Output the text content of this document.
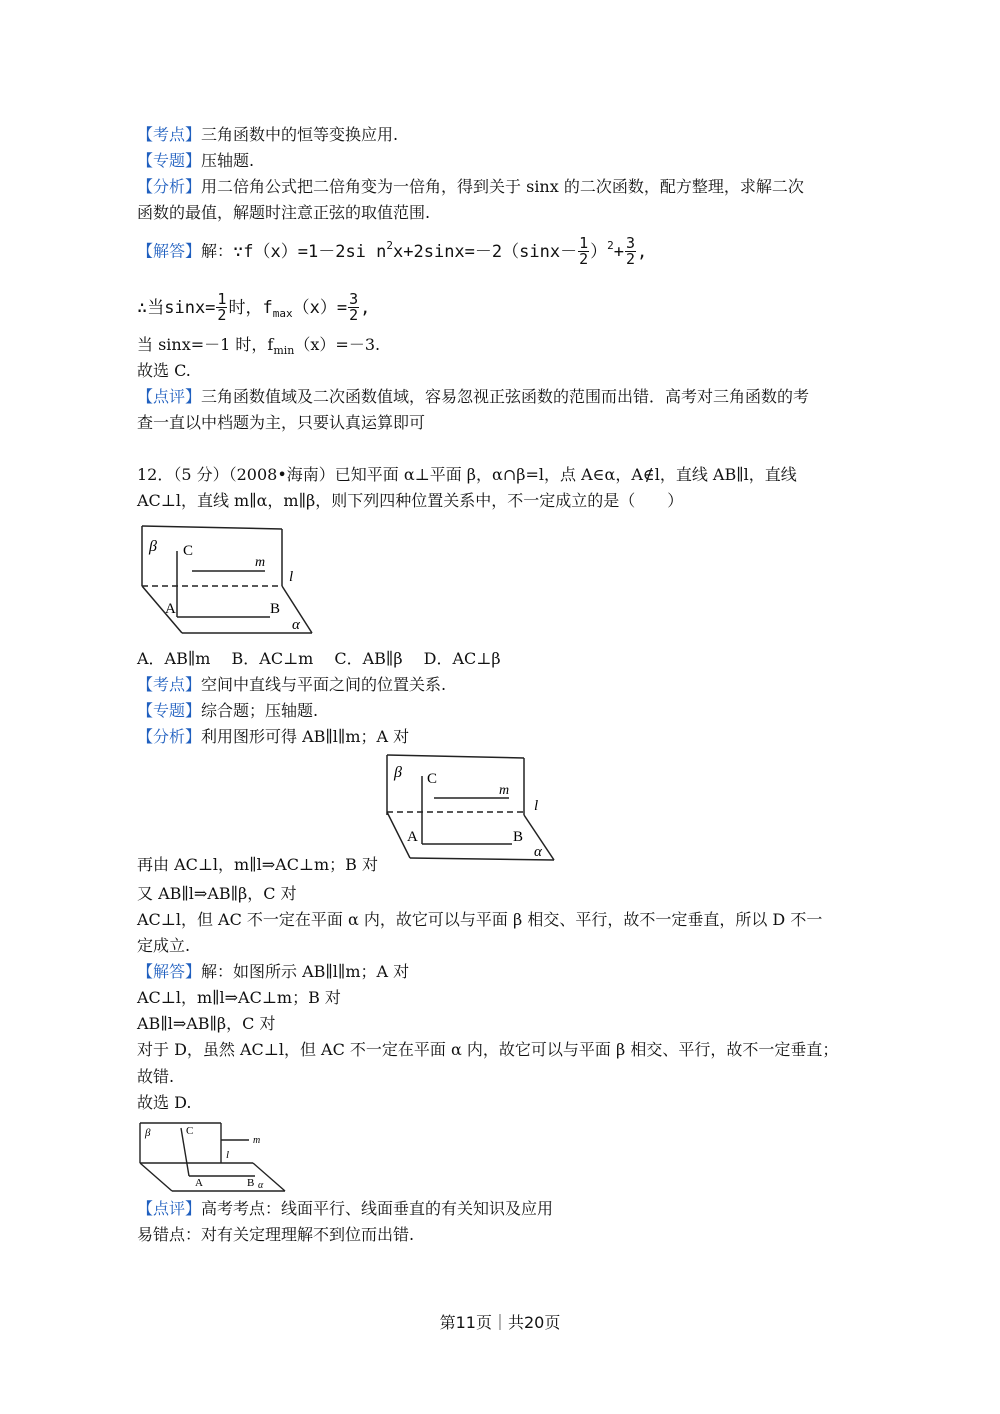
【考点】三角函数中的恒等变换应用.
【专题】压轴题.
【分析】用二倍角公式把二倍角变为一倍角，得到关于 sinx 的二次函数，配方整理，求解二次
函数的最值，解题时注意正弦的取值范围.
【解答】解：∵f（x）=1－2si $n^2x+2\sin x=-2(\sin x- \frac{1}{2} )^2+ \frac{3}{2}$ ,
∴当$\sin x= \frac{1}{2}$ 时，$f_{max}(x)= \frac{3}{2}$ ,
当 sinx=－1 时，$f_{min}(x)=-3$.
故选 C.
【点评】三角函数值域及二次函数值域，容易忽视正弦函数的范围而出错．高考对三角函数的考
查一直以中档题为主，只要认真运算即可
12．（5 分）（2008•海南）已知平面 α⊥平面 β，α∩β=l，点 A∈α，A∉l，直线 AB∥l，直线
AC⊥l，直线 m∥α，m∥β，则下列四种位置关系中，不一定成立的是（　　）
β C
m
l
A	B
α
A．AB∥m　 B．AC⊥m　 C．AB∥β　 D．AC⊥β
【考点】空间中直线与平面之间的位置关系.
【专题】综合题；压轴题.
【分析】利用图形可得 AB∥l∥m；A 对
β C
m
l
A	B
α
再由 AC⊥l，m∥l⇒AC⊥m；B 对
又 AB∥l⇒AB∥β，C 对
AC⊥l，但 AC 不一定在平面 α 内，故它可以与平面 β 相交、平行，故不一定垂直，所以 D 不一
定成立.
【解答】解：如图所示 AB∥l∥m；A 对
AC⊥l，m∥l⇒AC⊥m；B 对
AB∥l⇒AB∥β，C 对
对于 D，虽然 AC⊥l，但 AC 不一定在平面 α 内，故它可以与平面 β 相交、平行，故不一定垂直；
故错.
故选 D.
β	C
m
l
A	B α
【点评】高考考点：线面平行、线面垂直的有关知识及应用
易错点：对有关定理理解不到位而出错.
第11页｜共20页
